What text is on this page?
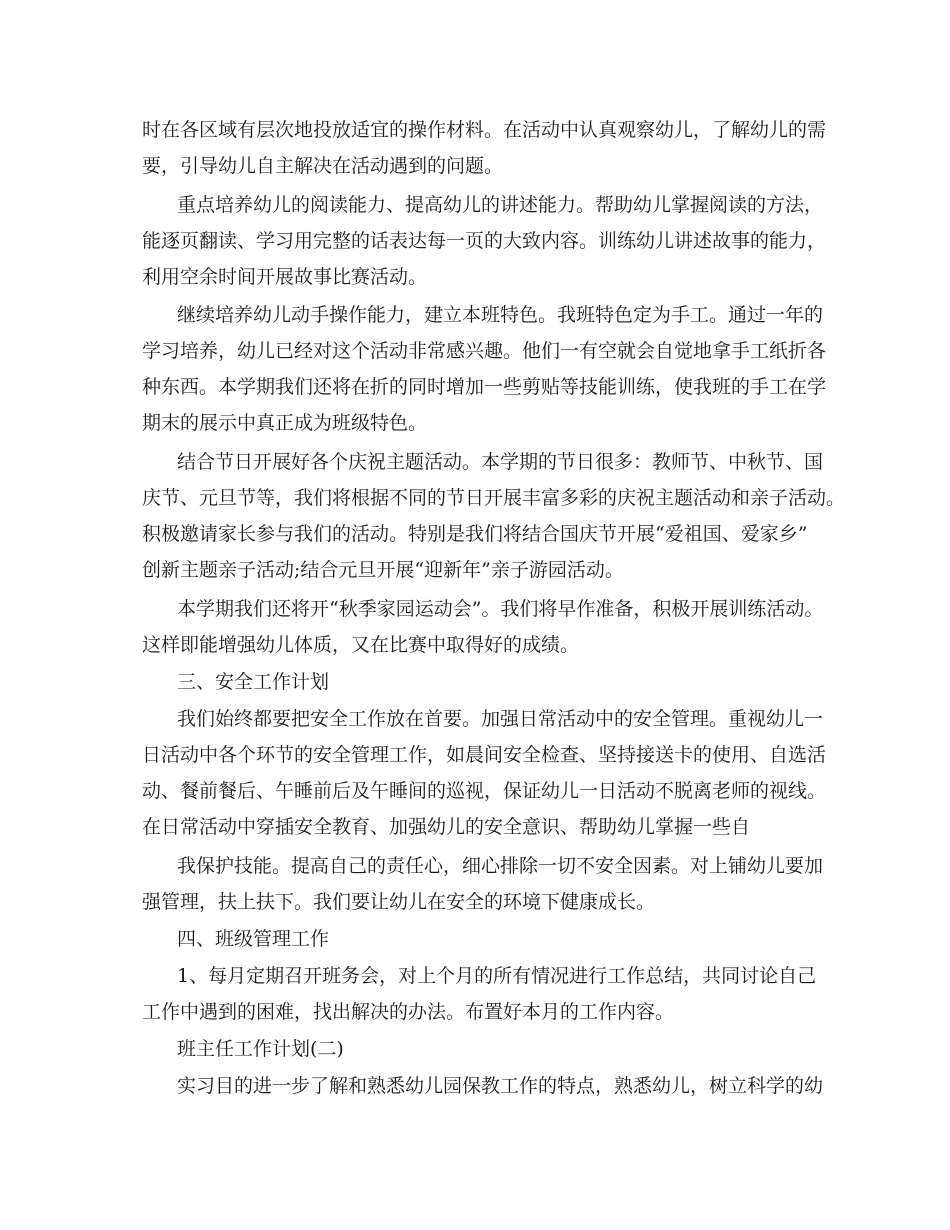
时在各区域有层次地投放适宜的操作材料。在活动中认真观察幼儿，了解幼儿的需
要，引导幼儿自主解决在活动遇到的问题。
重点培养幼儿的阅读能力、提高幼儿的讲述能力。帮助幼儿掌握阅读的方法，
能逐页翻读、学习用完整的话表达每一页的大致内容。训练幼儿讲述故事的能力，
利用空余时间开展故事比赛活动。
继续培养幼儿动手操作能力，建立本班特色。我班特色定为手工。通过一年的
学习培养，幼儿已经对这个活动非常感兴趣。他们一有空就会自觉地拿手工纸折各
种东西。本学期我们还将在折的同时增加一些剪贴等技能训练，使我班的手工在学
期末的展示中真正成为班级特色。
结合节日开展好各个庆祝主题活动。本学期的节日很多：教师节、中秋节、国
庆节、元旦节等，我们将根据不同的节日开展丰富多彩的庆祝主题活动和亲子活动。
积极邀请家长参与我们的活动。特别是我们将结合国庆节开展“爱祖国、爱家乡”
创新主题亲子活动;结合元旦开展“迎新年”亲子游园活动。
本学期我们还将开“秋季家园运动会”。我们将早作准备，积极开展训练活动。
这样即能增强幼儿体质，又在比赛中取得好的成绩。
三、安全工作计划
我们始终都要把安全工作放在首要。加强日常活动中的安全管理。重视幼儿一
日活动中各个环节的安全管理工作，如晨间安全检查、坚持接送卡的使用、自选活
动、餐前餐后、午睡前后及午睡间的巡视，保证幼儿一日活动不脱离老师的视线。
在日常活动中穿插安全教育、加强幼儿的安全意识、帮助幼儿掌握一些自
我保护技能。提高自己的责任心，细心排除一切不安全因素。对上铺幼儿要加
强管理，扶上扶下。我们要让幼儿在安全的环境下健康成长。
四、班级管理工作
1、每月定期召开班务会，对上个月的所有情况进行工作总结，共同讨论自己
工作中遇到的困难，找出解决的办法。布置好本月的工作内容。
班主任工作计划(二)
实习目的进一步了解和熟悉幼儿园保教工作的特点，熟悉幼儿，树立科学的幼
